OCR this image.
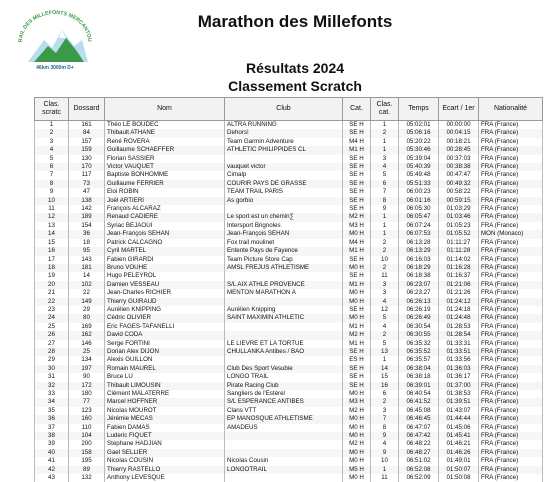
RAIL DES MILLEFONTS MERCANTOU
46km 3000m D+
Marathon des Millefonts
Résultats 2024
Classement Scratch
Clas. scratc	Dossard	Nom	Club	Cat.	Clas. cat.	Temps	Ecart / 1er	Nationalité
1	161	Théo LE BOUDEC	ALTRA RUNNING	SE H	1	05:02:01	00:00:00	FRA (France)
2	84	Thibault ATHANE	Dehors!	SE H	2	05:06:16	00:04:15	FRA (France)
3	157	René ROVERA	Team Garmin Adventure	M4 H	1	05:20:22	00:18:21	FRA (France)
4	159	Guillaume SCHAEFFER	ATHLETIC PHILIPPIDES CL	M1 H	1	05:30:46	00:28:45	FRA (France)
5	130	Florian SASSIER		SE H	3	05:39:04	00:37:03	FRA (France)
6	170	Victor VAUQUET	vauquet victor	SE H	4	05:40:39	00:38:38	FRA (France)
7	117	Baptiste BONHOMME	Cimalp	SE H	5	05:49:48	00:47:47	FRA (France)
8	73	Guillaume FERRIER	COURIR PAYS DE GRASSE	SE H	6	05:51:33	00:49:32	FRA (France)
9	47	Eloi ROBIN	TEAM TRAIL PARIS	SE H	7	06:00:23	00:58:22	FRA (France)
10	138	Joël ARTIERI	As gorbio	SE H	8	06:01:16	00:59:15	FRA (France)
11	142	François ALCARAZ		SE H	9	06:05:30	01:03:29	FRA (France)
12	189	Renaud CADIERE	Le sport est un chemin∑	M2 H	1	06:05:47	01:03:46	FRA (France)
13	154	Syriac BEJAOUI	Intersport Brignoles	M3 H	1	06:07:24	01:05:23	FRA (France)
14	36	Jean-François SEHAN	Jean-François SEHAN	M0 H	1	06:07:53	01:05:52	MON (Monaco)
15	18	Patrick CALCAGNO	Fox trail moulinet	M4 H	2	06:13:28	01:11:27	FRA (France)
16	95	Cyril MARTEL	Entente Pays de Fayence	M1 H	2	06:13:29	01:11:28	FRA (France)
17	143	Fabien GIRARDI	Team Picture Store Cap	SE H	10	06:16:03	01:14:02	FRA (France)
18	181	Bruno VOUHE	AMSL FREJUS ATHLETISME	M0 H	2	06:18:29	01:16:28	FRA (France)
19	14	Hugo PELEYROL		SE H	11	06:18:38	01:16:37	FRA (France)
20	102	Damien VESSEAU	S/L AIX ATHLE PROVENCE	M1 H	3	06:23:07	01:21:06	FRA (France)
21	22	Jean-Charles RICHIER	MENTON MARATHON A	M0 H	3	06:23:27	01:21:26	FRA (France)
22	149	Thierry GUIRAUD		M0 H	4	06:26:13	01:24:12	FRA (France)
23	29	Aurélien KNIPPING	Aurélien Knipping	SE H	12	06:26:19	01:24:18	FRA (France)
24	80	Cédric OLIVIER	SAINT MAXIMIN ATHLETIC	M0 H	5	06:26:49	01:24:48	FRA (France)
25	169	Eric FAGES-TAFANELLI		M1 H	4	06:30:54	01:28:53	FRA (France)
26	162	David CODA		M2 H	2	06:30:55	01:28:54	FRA (France)
27	146	Serge FORTINI	LE LIEVRE ET LA TORTUE	M1 H	5	06:35:32	01:33:31	FRA (France)
28	25	Dorian Alex DIJON	CHULLANKA Antibes / BAO	SE H	13	06:35:52	01:33:51	FRA (France)
29	134	Alexis GUILLON		ES H	1	06:35:57	01:33:56	FRA (France)
30	197	Romain MAUREL	Club Des Sport Vesubie	SE H	14	06:38:04	01:36:03	FRA (France)
31	90	Bruce LU	LONGO TRAIL	SE H	15	06:38:18	01:36:17	FRA (France)
32	172	Thibault LIMOUSIN	Pirate Racing Club	SE H	16	06:39:01	01:37:00	FRA (France)
33	180	Clément MALATERRE	Sangliers de l'Estérel	M0 H	6	06:40:54	01:38:53	FRA (France)
34	77	Marcel HOFFNER	S/L ESPERANCE ANTIBES	M3 H	2	06:41:52	01:39:51	FRA (France)
35	123	Nicolas MOUROT	Clans VTT	M2 H	3	06:45:08	01:43:07	FRA (France)
36	160	Jérémie MECAS	EP MANOSQUE ATHLETISME	M0 H	7	06:46:45	01:44:44	FRA (France)
37	110	Fabien DAMAS	AMADEUS	M0 H	8	06:47:07	01:45:06	FRA (France)
38	104	Luderic FIQUET		M0 H	9	06:47:42	01:45:41	FRA (France)
39	200	Stephane HADJIAN		M2 H	4	06:48:22	01:46:21	FRA (France)
40	158	Gael SELLIER		M0 H	9	06:48:27	01:46:26	FRA (France)
41	195	Nicolas COUSIN	Nicolas Cousin	M0 H	10	06:51:02	01:49:01	FRA (France)
42	89	Thierry RASTELLO	LONGOTRAIL	M5 H	1	06:52:08	01:50:07	FRA (France)
43	132	Anthony LEVESQUE		M0 H	11	06:52:09	01:50:08	FRA (France)
